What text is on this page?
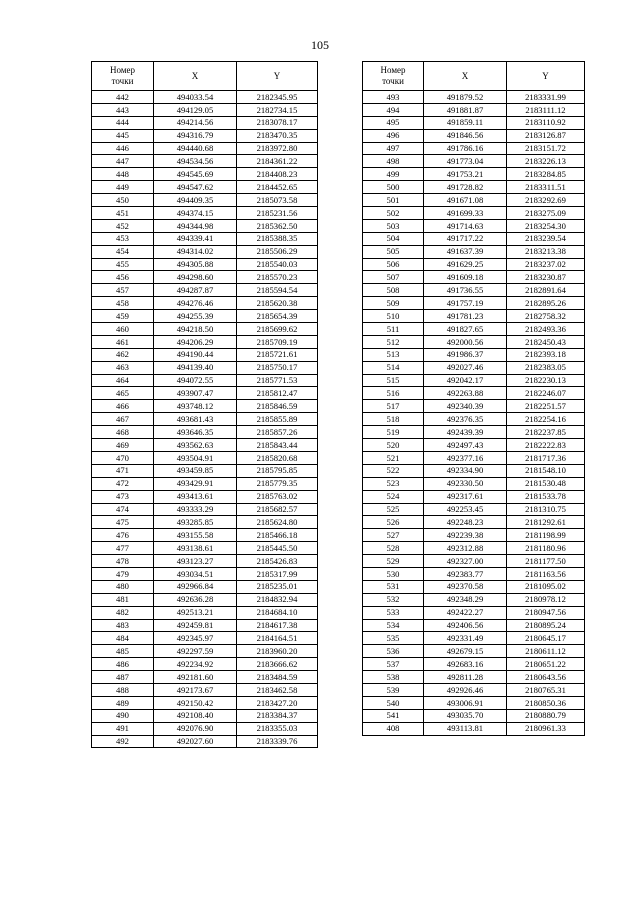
105
Номер
точки	X	Y
442	494033.54	2182345.95
443	494129.05	2182734.15
444	494214.56	2183078.17
445	494316.79	2183470.35
446	494440.68	2183972.80
447	494534.56	2184361.22
448	494545.69	2184408.23
449	494547.62	2184452.65
450	494409.35	2185073.58
451	494374.15	2185231.56
452	494344.98	2185362.50
453	494339.41	2185388.35
454	494314.02	2185506.29
455	494305.88	2185540.03
456	494298.60	2185570.23
457	494287.87	2185594.54
458	494276.46	2185620.38
459	494255.39	2185654.39
460	494218.50	2185699.62
461	494206.29	2185709.19
462	494190.44	2185721.61
463	494139.40	2185750.17
464	494072.55	2185771.53
465	493907.47	2185812.47
466	493748.12	2185846.59
467	493681.43	2185855.89
468	493646.35	2185857.26
469	493562.63	2185843.44
470	493504.91	2185820.68
471	493459.85	2185795.85
472	493429.91	2185779.35
473	493413.61	2185763.02
474	493333.29	2185682.57
475	493285.85	2185624.80
476	493155.58	2185466.18
477	493138.61	2185445.50
478	493123.27	2185426.83
479	493034.51	2185317.99
480	492966.84	2185235.01
481	492636.28	2184832.94
482	492513.21	2184684.10
483	492459.81	2184617.38
484	492345.97	2184164.51
485	492297.59	2183960.20
486	492234.92	2183666.62
487	492181.60	2183484.59
488	492173.67	2183462.58
489	492150.42	2183427.20
490	492108.40	2183384.37
491	492076.90	2183355.03
492	492027.60	2183339.76
Номер
точки	X	Y
493	491879.52	2183331.99
494	491881.87	2183111.12
495	491859.11	2183110.92
496	491846.56	2183126.87
497	491786.16	2183151.72
498	491773.04	2183226.13
499	491753.21	2183284.85
500	491728.82	2183311.51
501	491671.08	2183292.69
502	491699.33	2183275.09
503	491714.63	2183254.30
504	491717.22	2183239.54
505	491637.39	2183213.38
506	491629.25	2183237.02
507	491609.18	2183230.87
508	491736.55	2182891.64
509	491757.19	2182895.26
510	491781.23	2182758.32
511	491827.65	2182493.36
512	492000.56	2182450.43
513	491986.37	2182393.18
514	492027.46	2182383.05
515	492042.17	2182230.13
516	492263.88	2182246.07
517	492340.39	2182251.57
518	492376.35	2182254.16
519	492439.39	2182237.85
520	492497.43	2182222.83
521	492377.16	2181717.36
522	492334.90	2181548.10
523	492330.50	2181530.48
524	492317.61	2181533.78
525	492253.45	2181310.75
526	492248.23	2181292.61
527	492239.38	2181198.99
528	492312.88	2181180.96
529	492327.00	2181177.50
530	492383.77	2181163.56
531	492370.58	2181095.02
532	492348.29	2180978.12
533	492422.27	2180947.56
534	492406.56	2180895.24
535	492331.49	2180645.17
536	492679.15	2180611.12
537	492683.16	2180651.22
538	492811.28	2180643.56
539	492926.46	2180765.31
540	493006.91	2180850.36
541	493035.70	2180880.79
408	493113.81	2180961.33
